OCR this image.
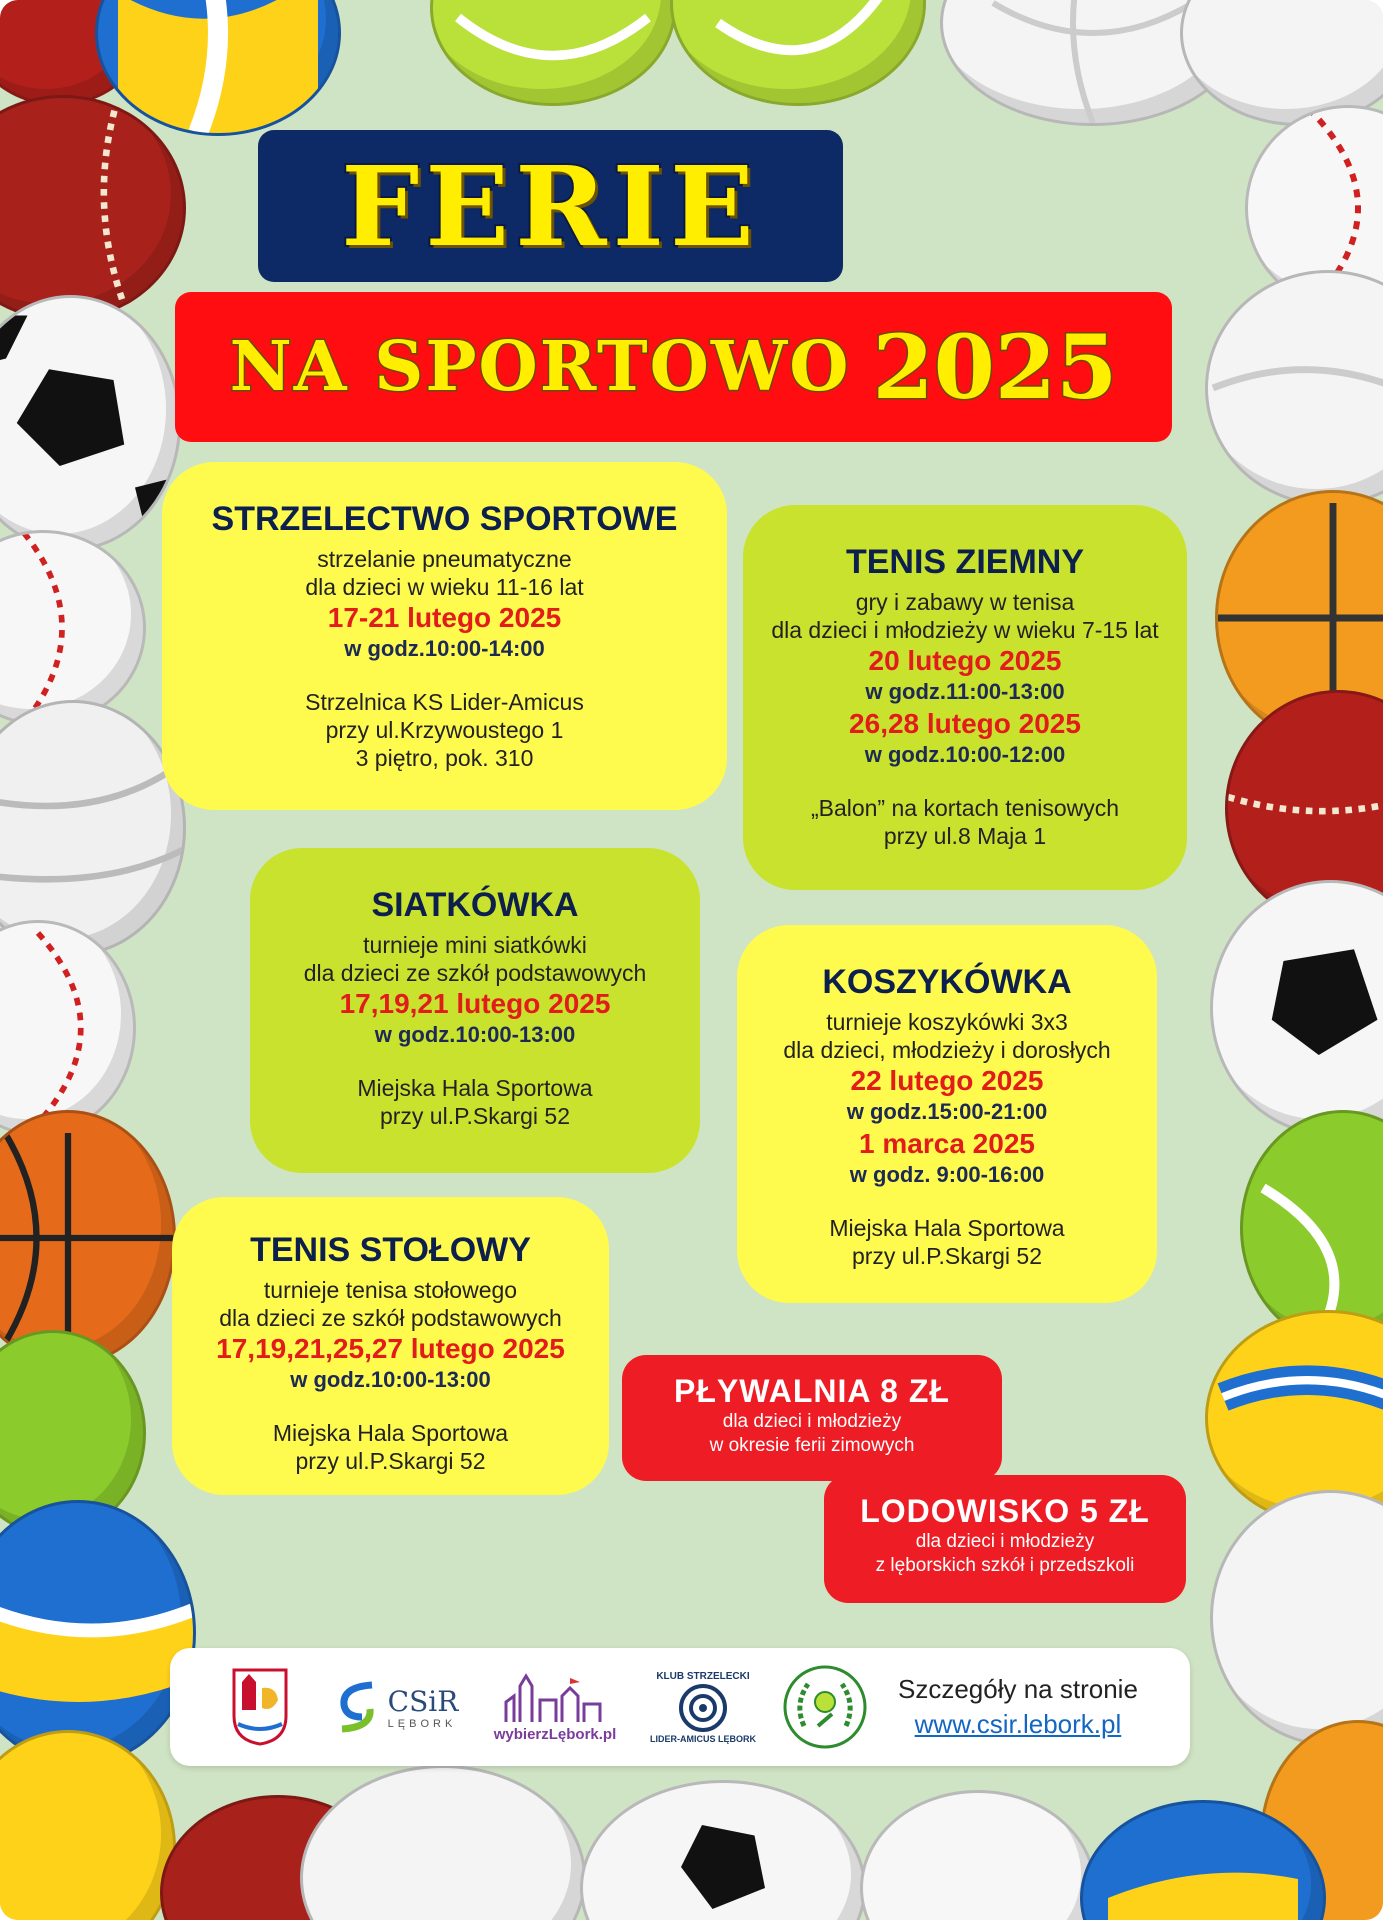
FERIE
NA SPORTOWO 2025
STRZELECTWO SPORTOWE
strzelanie pneumatyczne
dla dzieci w wieku 11-16 lat
17-21 lutego 2025
w godz.10:00-14:00
Strzelnica KS Lider-Amicus
przy ul.Krzywoustego 1
3 piętro, pok. 310
TENIS ZIEMNY
gry i zabawy w tenisa
dla dzieci i młodzieży w wieku 7-15 lat
20 lutego 2025
w godz.11:00-13:00
26,28 lutego 2025
w godz.10:00-12:00
„Balon” na kortach tenisowych
przy ul.8 Maja 1
SIATKÓWKA
turnieje mini siatkówki
dla dzieci ze szkół podstawowych
17,19,21 lutego 2025
w godz.10:00-13:00
Miejska Hala Sportowa
przy ul.P.Skargi 52
KOSZYKÓWKA
turnieje koszykówki 3x3
dla dzieci, młodzieży i dorosłych
22 lutego 2025
w godz.15:00-21:00
1 marca 2025
w godz. 9:00-16:00
Miejska Hala Sportowa
przy ul.P.Skargi 52
TENIS STOŁOWY
turnieje tenisa stołowego
dla dzieci ze szkół podstawowych
17,19,21,25,27 lutego 2025
w godz.10:00-13:00
Miejska Hala Sportowa
przy ul.P.Skargi 52
PŁYWALNIA 8 ZŁ
dla dzieci i młodzieży
w okresie ferii zimowych
LODOWISKO 5 ZŁ
dla dzieci i młodzieży
z lęborskich szkół i przedszkoli
CSiR
LĘBORK
wybierzLębork.pl
KLUB STRZELECKI
LIDER-AMICUS LĘBORK
Szczegóły na stronie
www.csir.lebork.pl
